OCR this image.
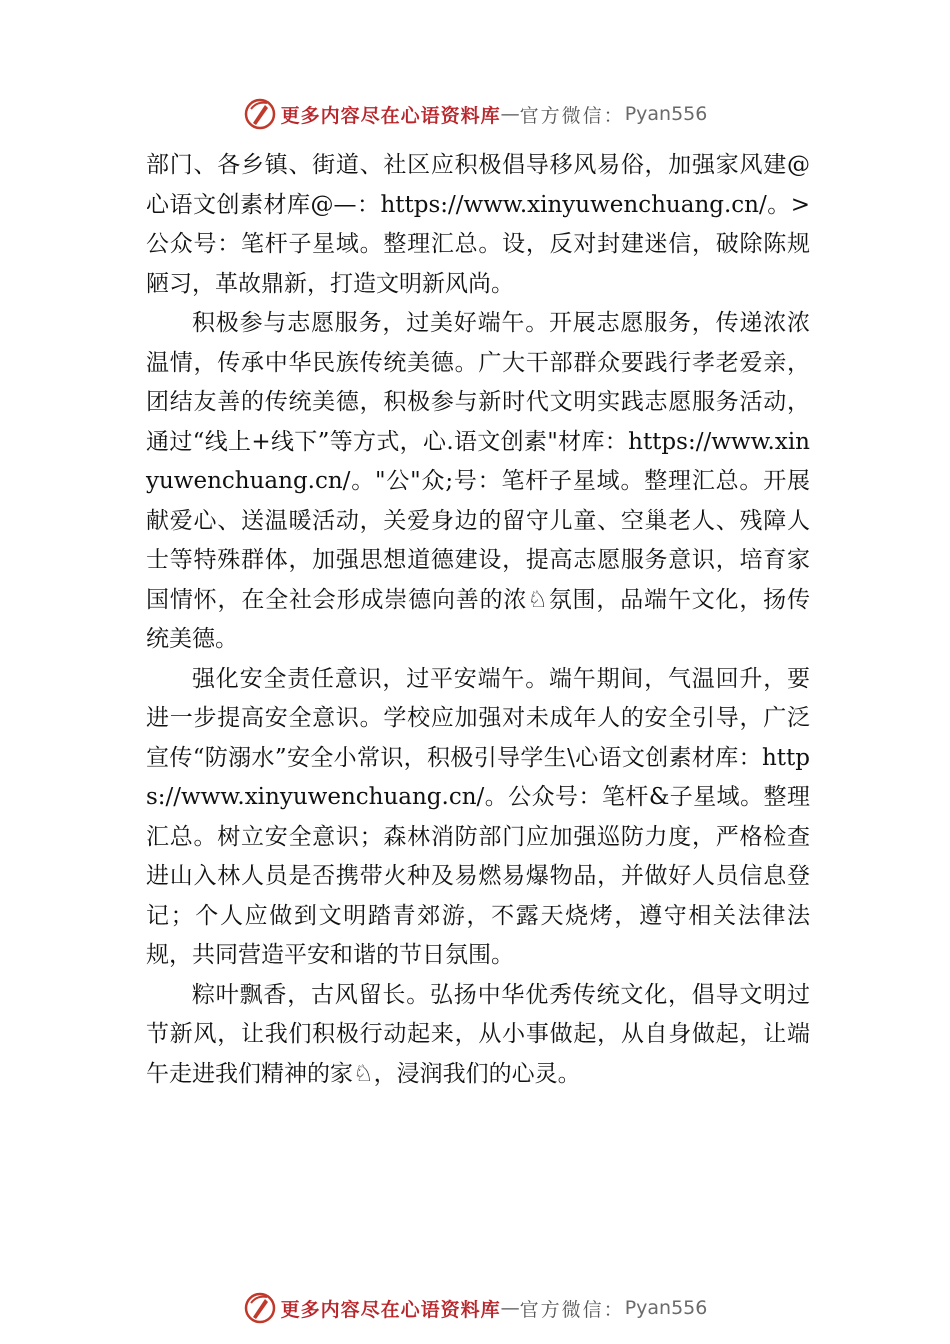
更多内容尽在心语资料库 — 官方微信： Pyan556

部门、各乡镇、街道、社区应积极倡导移风易俗，加强家风建@心语文创素材库@—：https://www.xinyuwenchuang.cn/。>公众号：笔杆子星域。整理汇总。设，反对封建迷信，破除陈规陋习，革故鼎新，打造文明新风尚。

积极参与志愿服务，过美好端午。开展志愿服务，传递浓浓温情，传承中华民族传统美德。广大干部群众要践行孝老爱亲，团结友善的传统美德，积极参与新时代文明实践志愿服务活动，通过“线上+线下”等方式，心.语文创素"材库：https://www.xinyuwenchuang.cn/。"公"众;号：笔杆子星域。整理汇总。开展献爱心、送温暖活动，关爱身边的留守儿童、空巢老人、残障人士等特殊群体，加强思想道德建设，提高志愿服务意识，培育家国情怀，在全社会形成崇德向善的浓♘氛围，品端午文化，扬传统美德。

强化安全责任意识，过平安端午。端午期间，气温回升，要进一步提高安全意识。学校应加强对未成年人的安全引导，广泛宣传“防溺水”安全小常识，积极引导学生\心语文创素材库：https://www.xinyuwenchuang.cn/。公众号：笔杆&子星域。整理汇总。树立安全意识；森林消防部门应加强巡防力度，严格检查进山入林人员是否携带火种及易燃易爆物品，并做好人员信息登记；个人应做到文明踏青郊游，不露天烧烤，遵守相关法律法规，共同营造平安和谐的节日氛围。

粽叶飘香，古风留长。弘扬中华优秀传统文化，倡导文明过节新风，让我们积极行动起来，从小事做起，从自身做起，让端午走进我们精神的家♘，浸润我们的心灵。

更多内容尽在心语资料库 — 官方微信： Pyan556
